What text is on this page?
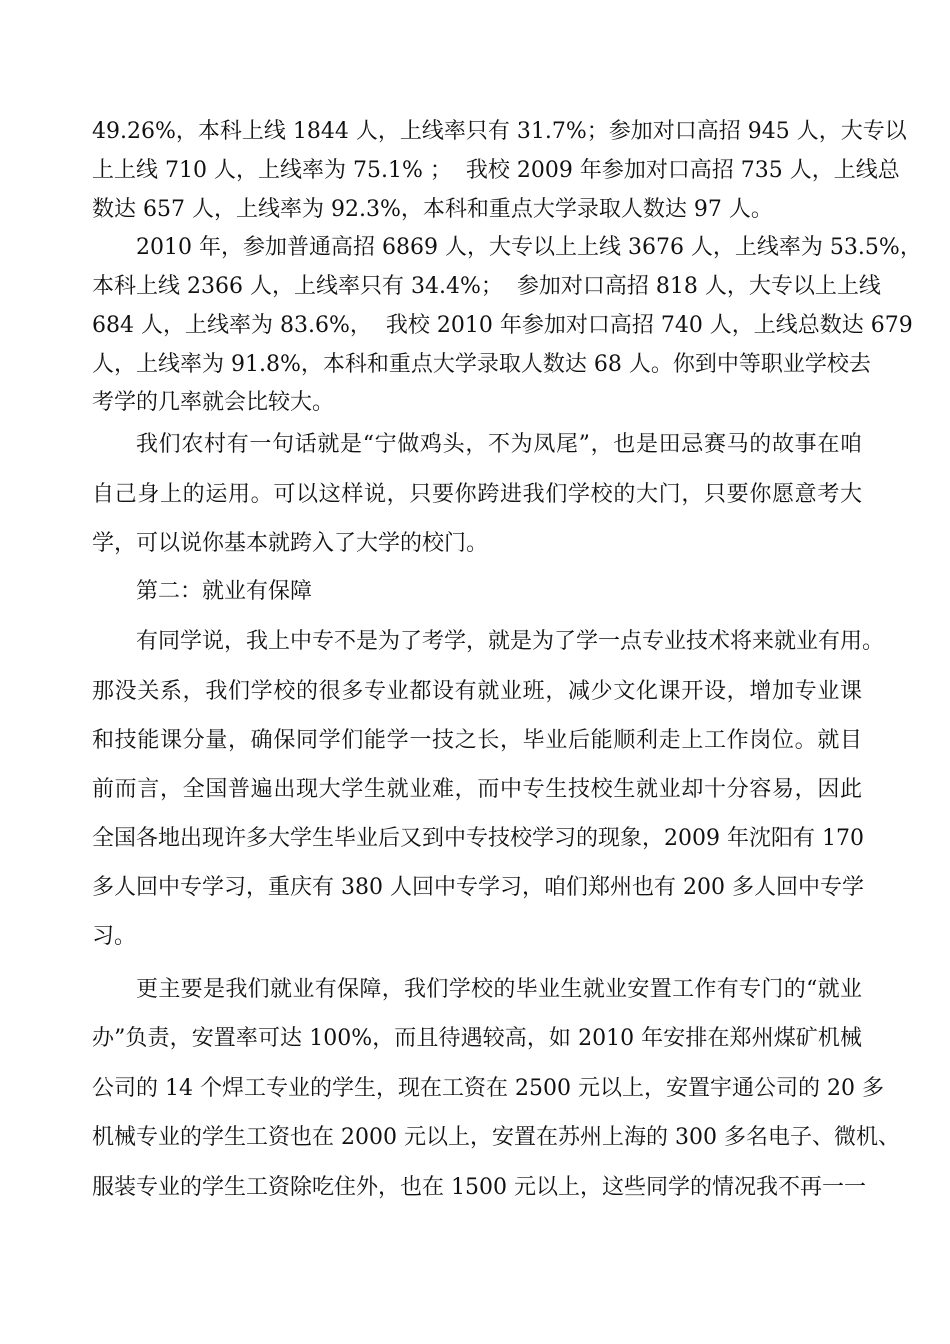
49.26%，本科上线 1844 人，上线率只有 31.7%；参加对口高招 945 人，大专以
上上线 710 人，上线率为 75.1% ；  我校 2009 年参加对口高招 735 人，上线总
数达 657 人，上线率为 92.3%，本科和重点大学录取人数达 97 人。
2010 年，参加普通高招 6869 人，大专以上上线 3676 人，上线率为 53.5%，
本科上线 2366 人，上线率只有 34.4%；  参加对口高招 818 人，大专以上上线
684 人，上线率为 83.6%，  我校 2010 年参加对口高招 740 人，上线总数达 679
人，上线率为 91.8%，本科和重点大学录取人数达 68 人。你到中等职业学校去
考学的几率就会比较大。
我们农村有一句话就是“宁做鸡头，不为凤尾”，也是田忌赛马的故事在咱
自己身上的运用。可以这样说，只要你跨进我们学校的大门，只要你愿意考大
学，可以说你基本就跨入了大学的校门。
第二：就业有保障
有同学说，我上中专不是为了考学，就是为了学一点专业技术将来就业有用。
那没关系，我们学校的很多专业都设有就业班，减少文化课开设，增加专业课
和技能课分量，确保同学们能学一技之长，毕业后能顺利走上工作岗位。就目
前而言，全国普遍出现大学生就业难，而中专生技校生就业却十分容易，因此
全国各地出现许多大学生毕业后又到中专技校学习的现象，2009 年沈阳有 170
多人回中专学习，重庆有 380 人回中专学习，咱们郑州也有 200 多人回中专学
习。
更主要是我们就业有保障，我们学校的毕业生就业安置工作有专门的“就业
办”负责，安置率可达 100%，而且待遇较高，如 2010 年安排在郑州煤矿机械
公司的 14 个焊工专业的学生，现在工资在 2500 元以上，安置宇通公司的 20 多
机械专业的学生工资也在 2000 元以上，安置在苏州上海的 300 多名电子、微机、
服装专业的学生工资除吃住外，也在 1500 元以上，这些同学的情况我不再一一
